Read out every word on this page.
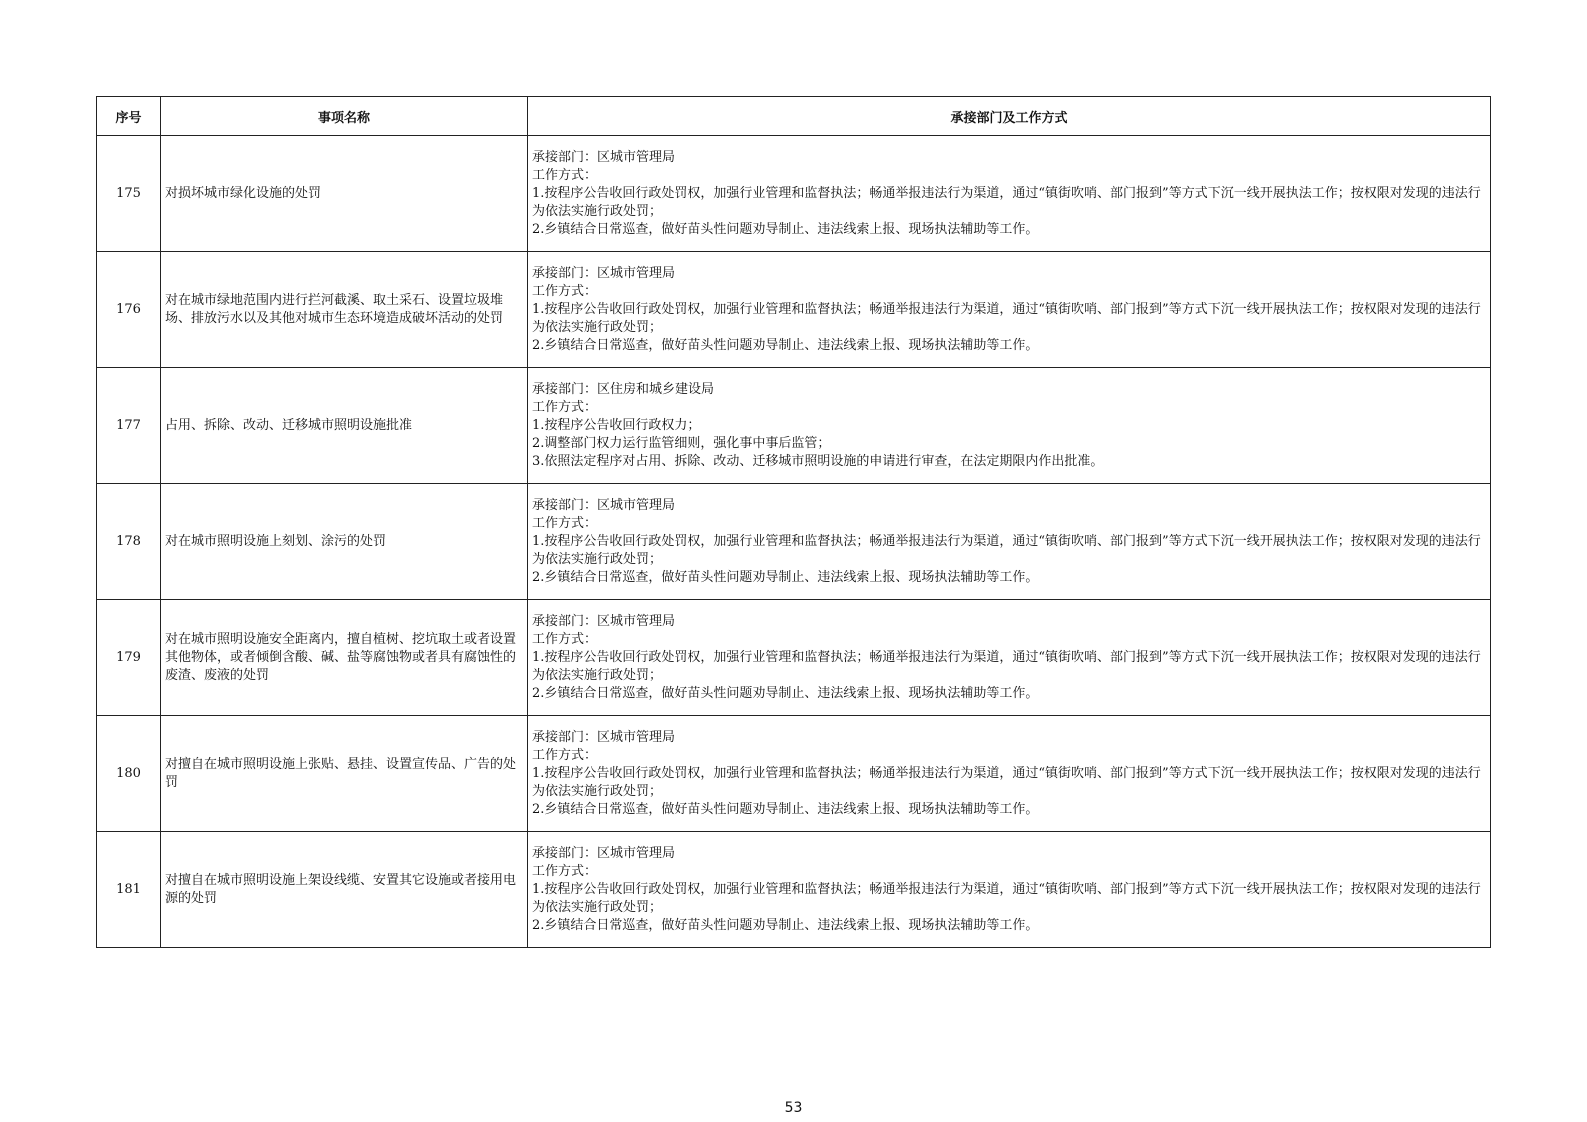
序号	事项名称	承接部门及工作方式
175	对损坏城市绿化设施的处罚	承接部门：区城市管理局
工作方式：
1.按程序公告收回行政处罚权，加强行业管理和监督执法；畅通举报违法行为渠道，通过“镇街吹哨、部门报到”等方式下沉一线开展执法工作；按权限对发现的违法行为依法实施行政处罚；
2.乡镇结合日常巡查，做好苗头性问题劝导制止、违法线索上报、现场执法辅助等工作。

176	对在城市绿地范围内进行拦河截溪、取土采石、设置垃圾堆场、排放污水以及其他对城市生态环境造成破坏活动的处罚	承接部门：区城市管理局
工作方式：
1.按程序公告收回行政处罚权，加强行业管理和监督执法；畅通举报违法行为渠道，通过“镇街吹哨、部门报到”等方式下沉一线开展执法工作；按权限对发现的违法行为依法实施行政处罚；
2.乡镇结合日常巡查，做好苗头性问题劝导制止、违法线索上报、现场执法辅助等工作。

177	占用、拆除、改动、迁移城市照明设施批准	承接部门：区住房和城乡建设局
工作方式：
1.按程序公告收回行政权力；
2.调整部门权力运行监管细则，强化事中事后监管；
3.依照法定程序对占用、拆除、改动、迁移城市照明设施的申请进行审查，在法定期限内作出批准。

178	对在城市照明设施上刻划、涂污的处罚	承接部门：区城市管理局
工作方式：
1.按程序公告收回行政处罚权，加强行业管理和监督执法；畅通举报违法行为渠道，通过“镇街吹哨、部门报到”等方式下沉一线开展执法工作；按权限对发现的违法行为依法实施行政处罚；
2.乡镇结合日常巡查，做好苗头性问题劝导制止、违法线索上报、现场执法辅助等工作。

179	对在城市照明设施安全距离内，擅自植树、挖坑取土或者设置其他物体，或者倾倒含酸、碱、盐等腐蚀物或者具有腐蚀性的废渣、废液的处罚	承接部门：区城市管理局
工作方式：
1.按程序公告收回行政处罚权，加强行业管理和监督执法；畅通举报违法行为渠道，通过“镇街吹哨、部门报到”等方式下沉一线开展执法工作；按权限对发现的违法行为依法实施行政处罚；
2.乡镇结合日常巡查，做好苗头性问题劝导制止、违法线索上报、现场执法辅助等工作。

180	对擅自在城市照明设施上张贴、悬挂、设置宣传品、广告的处罚	承接部门：区城市管理局
工作方式：
1.按程序公告收回行政处罚权，加强行业管理和监督执法；畅通举报违法行为渠道，通过“镇街吹哨、部门报到”等方式下沉一线开展执法工作；按权限对发现的违法行为依法实施行政处罚；
2.乡镇结合日常巡查，做好苗头性问题劝导制止、违法线索上报、现场执法辅助等工作。

181	对擅自在城市照明设施上架设线缆、安置其它设施或者接用电源的处罚	承接部门：区城市管理局
工作方式：
1.按程序公告收回行政处罚权，加强行业管理和监督执法；畅通举报违法行为渠道，通过“镇街吹哨、部门报到”等方式下沉一线开展执法工作；按权限对发现的违法行为依法实施行政处罚；
2.乡镇结合日常巡查，做好苗头性问题劝导制止、违法线索上报、现场执法辅助等工作。
53
